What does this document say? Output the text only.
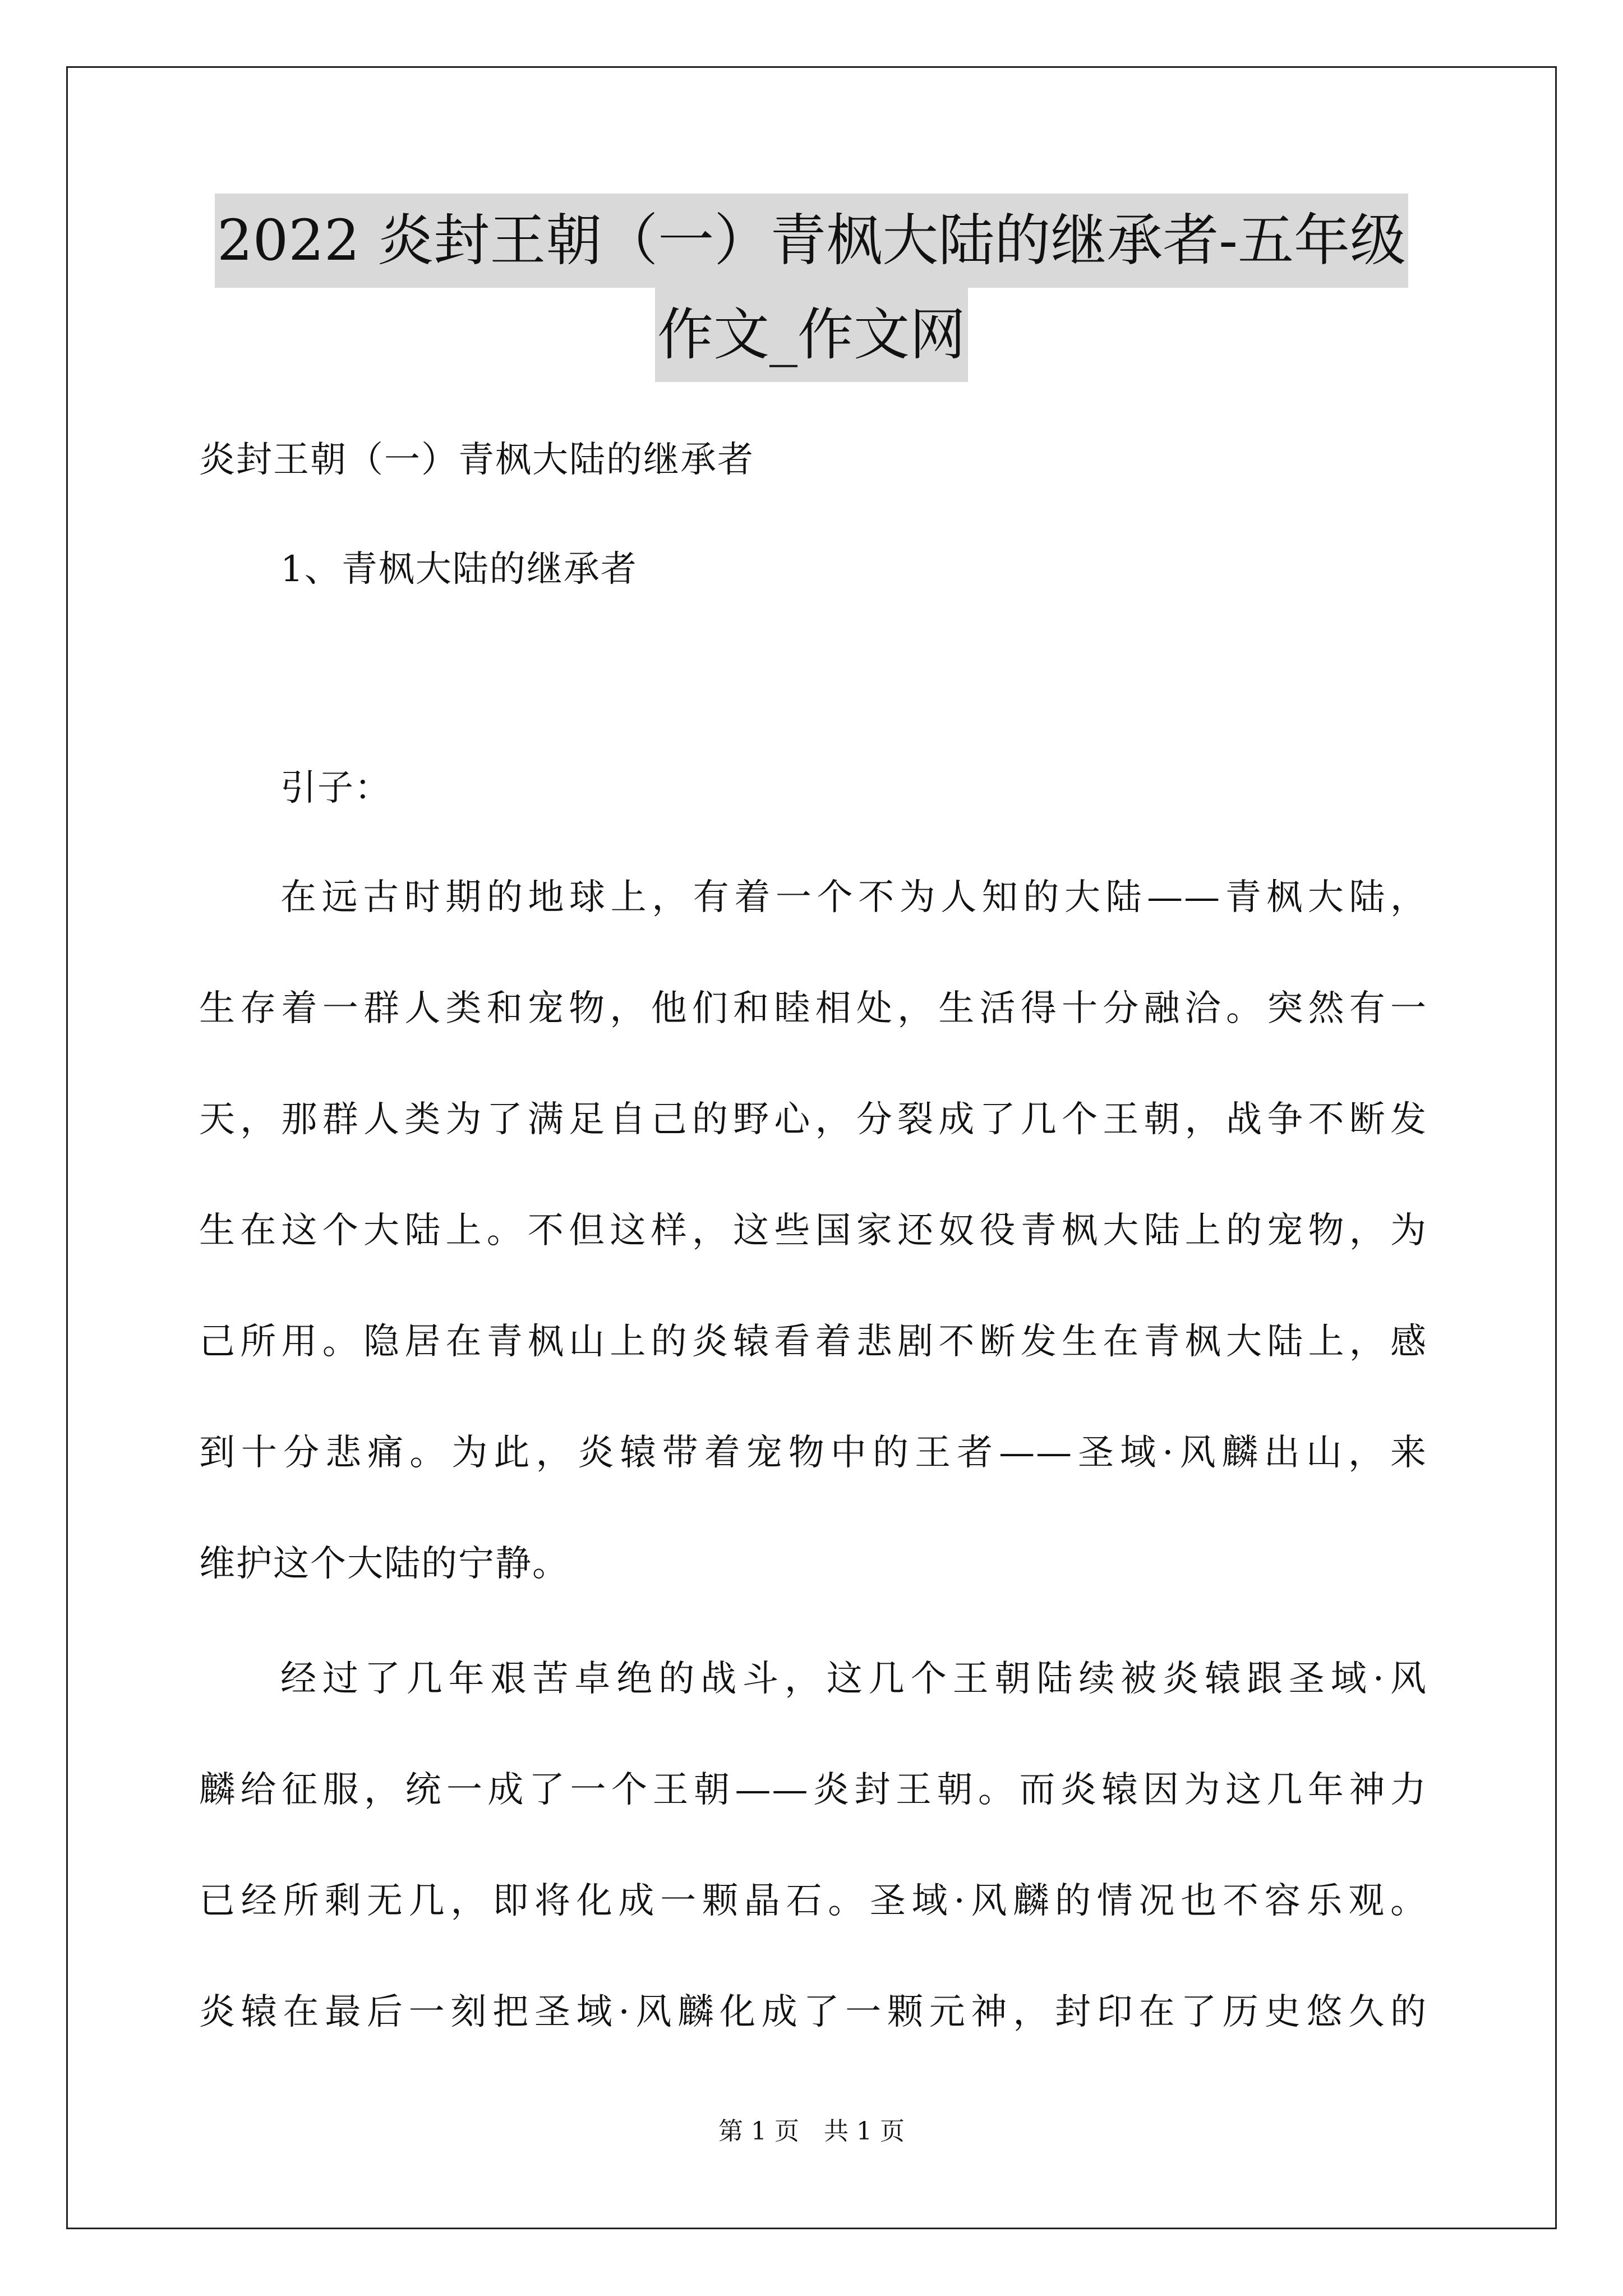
2022 炎封王朝（一）青枫大陆的继承者-五年级
作文_作文网
炎封王朝（一）青枫大陆的继承者
1、青枫大陆的继承者
引子：
在远古时期的地球上，有着一个不为人知的大陆——青枫大陆，
生存着一群人类和宠物，他们和睦相处，生活得十分融洽。突然有一
天，那群人类为了满足自己的野心，分裂成了几个王朝，战争不断发
生在这个大陆上。不但这样，这些国家还奴役青枫大陆上的宠物，为
己所用。隐居在青枫山上的炎辕看着悲剧不断发生在青枫大陆上，感
到十分悲痛。为此，炎辕带着宠物中的王者——圣域·风麟出山，来
维护这个大陆的宁静。
经过了几年艰苦卓绝的战斗，这几个王朝陆续被炎辕跟圣域·风
麟给征服，统一成了一个王朝——炎封王朝。而炎辕因为这几年神力
已经所剩无几，即将化成一颗晶石。圣域·风麟的情况也不容乐观。
炎辕在最后一刻把圣域·风麟化成了一颗元神，封印在了历史悠久的
第 1 页　共 1 页
